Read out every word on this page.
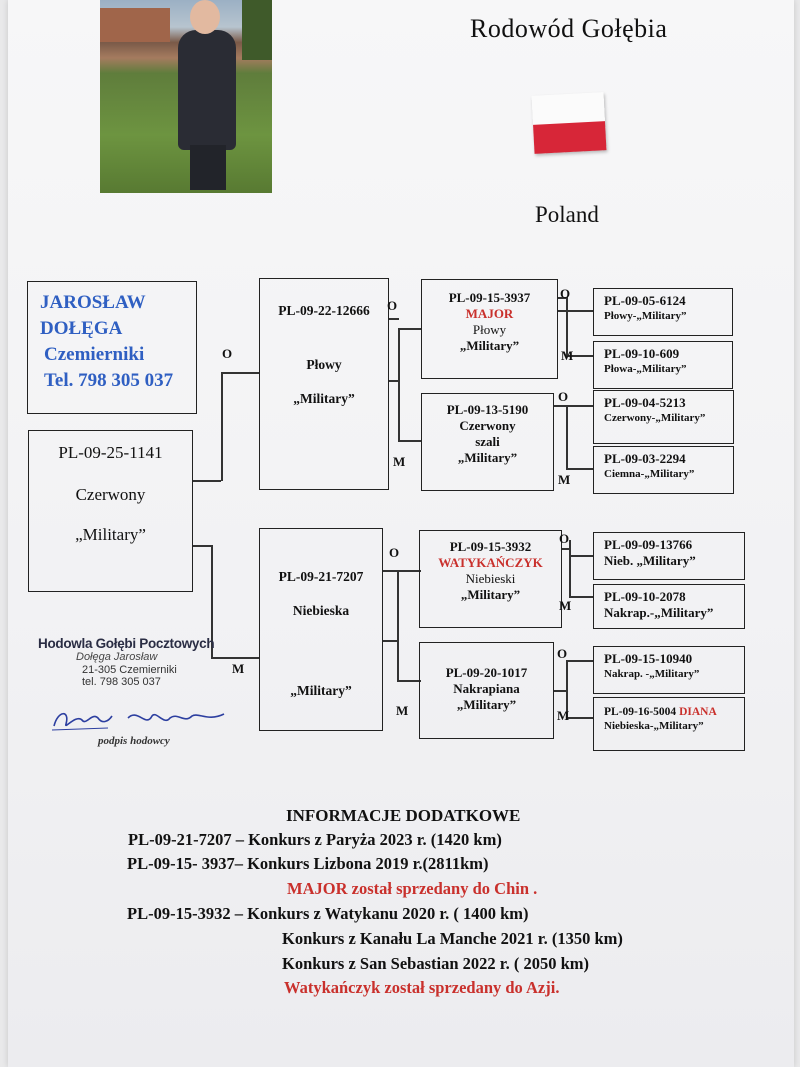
Rodowód Gołębia
Poland
JAROSŁAW
DOŁĘGA
Czemierniki
Tel. 798 305 037
PL-09-25-1141
Czerwony
„Military”
O
M
PL-09-22-12666
Płowy
„Military”
PL-09-21-7207
Niebieska
„Military”
O
M
O
M
PL-09-15-3937
MAJOR
Płowy
„Military”
PL-09-13-5190
Czerwony
szali
„Military”
PL-09-15-3932
WATYKAŃCZYK
Niebieski
„Military”
PL-09-20-1017
Nakrapiana
„Military”
O
M
O
M
O
M
O
M
PL-09-05-6124
Płowy-„Military”
PL-09-10-609
Płowa-„Military”
PL-09-04-5213
Czerwony-„Military”
PL-09-03-2294
Ciemna-„Military”
PL-09-09-13766
Nieb. „Military”
PL-09-10-2078
Nakrap.-„Military”
PL-09-15-10940
Nakrap. -„Military”
PL-09-16-5004 DIANA
Niebieska-„Military”
Hodowla Gołębi Pocztowych
Dołęga Jarosław
21-305 Czemierniki
tel. 798 305 037
podpis hodowcy
INFORMACJE DODATKOWE
PL-09-21-7207 – Konkurs z Paryża 2023 r. (1420 km)
PL-09-15- 3937– Konkurs Lizbona 2019 r.(2811km)
MAJOR został sprzedany do Chin .
PL-09-15-3932 – Konkurs z Watykanu 2020 r. ( 1400 km)
Konkurs z Kanału La Manche 2021 r. (1350 km)
Konkurs z San Sebastian 2022 r. ( 2050 km)
Watykańczyk został sprzedany do Azji.
